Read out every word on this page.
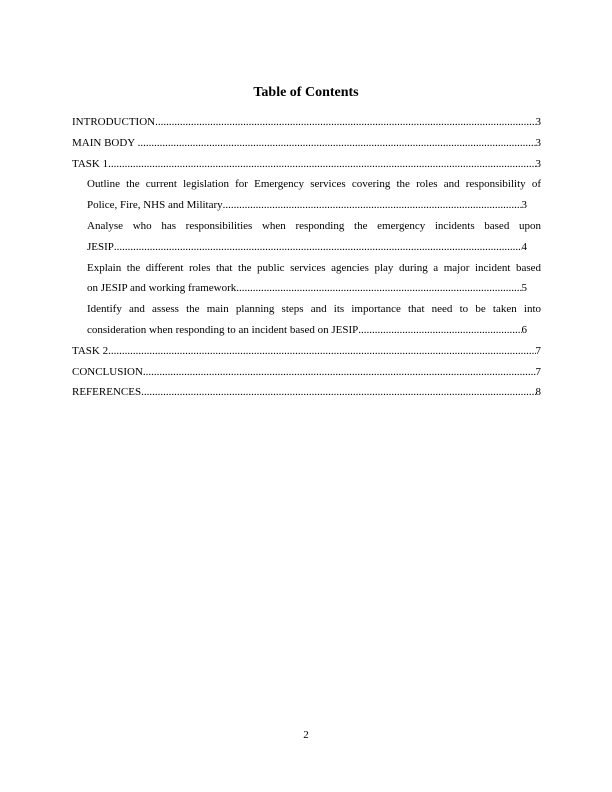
Table of Contents
INTRODUCTION .....	3
MAIN BODY .....	3
TASK 1 .....	3
Outline the current legislation for Emergency services covering the roles and responsibility of
Police, Fire, NHS and Military .....	3
Analyse who has responsibilities when responding the emergency incidents based upon
JESIP .....	4
Explain the different roles that the public services agencies play during a major incident based
on JESIP and working framework .....	5
Identify and assess the main planning steps and its importance that need to be taken into
consideration when responding to an incident based on JESIP .....	6
TASK 2 .....	7
CONCLUSION .....	7
REFERENCES .....	8
2
